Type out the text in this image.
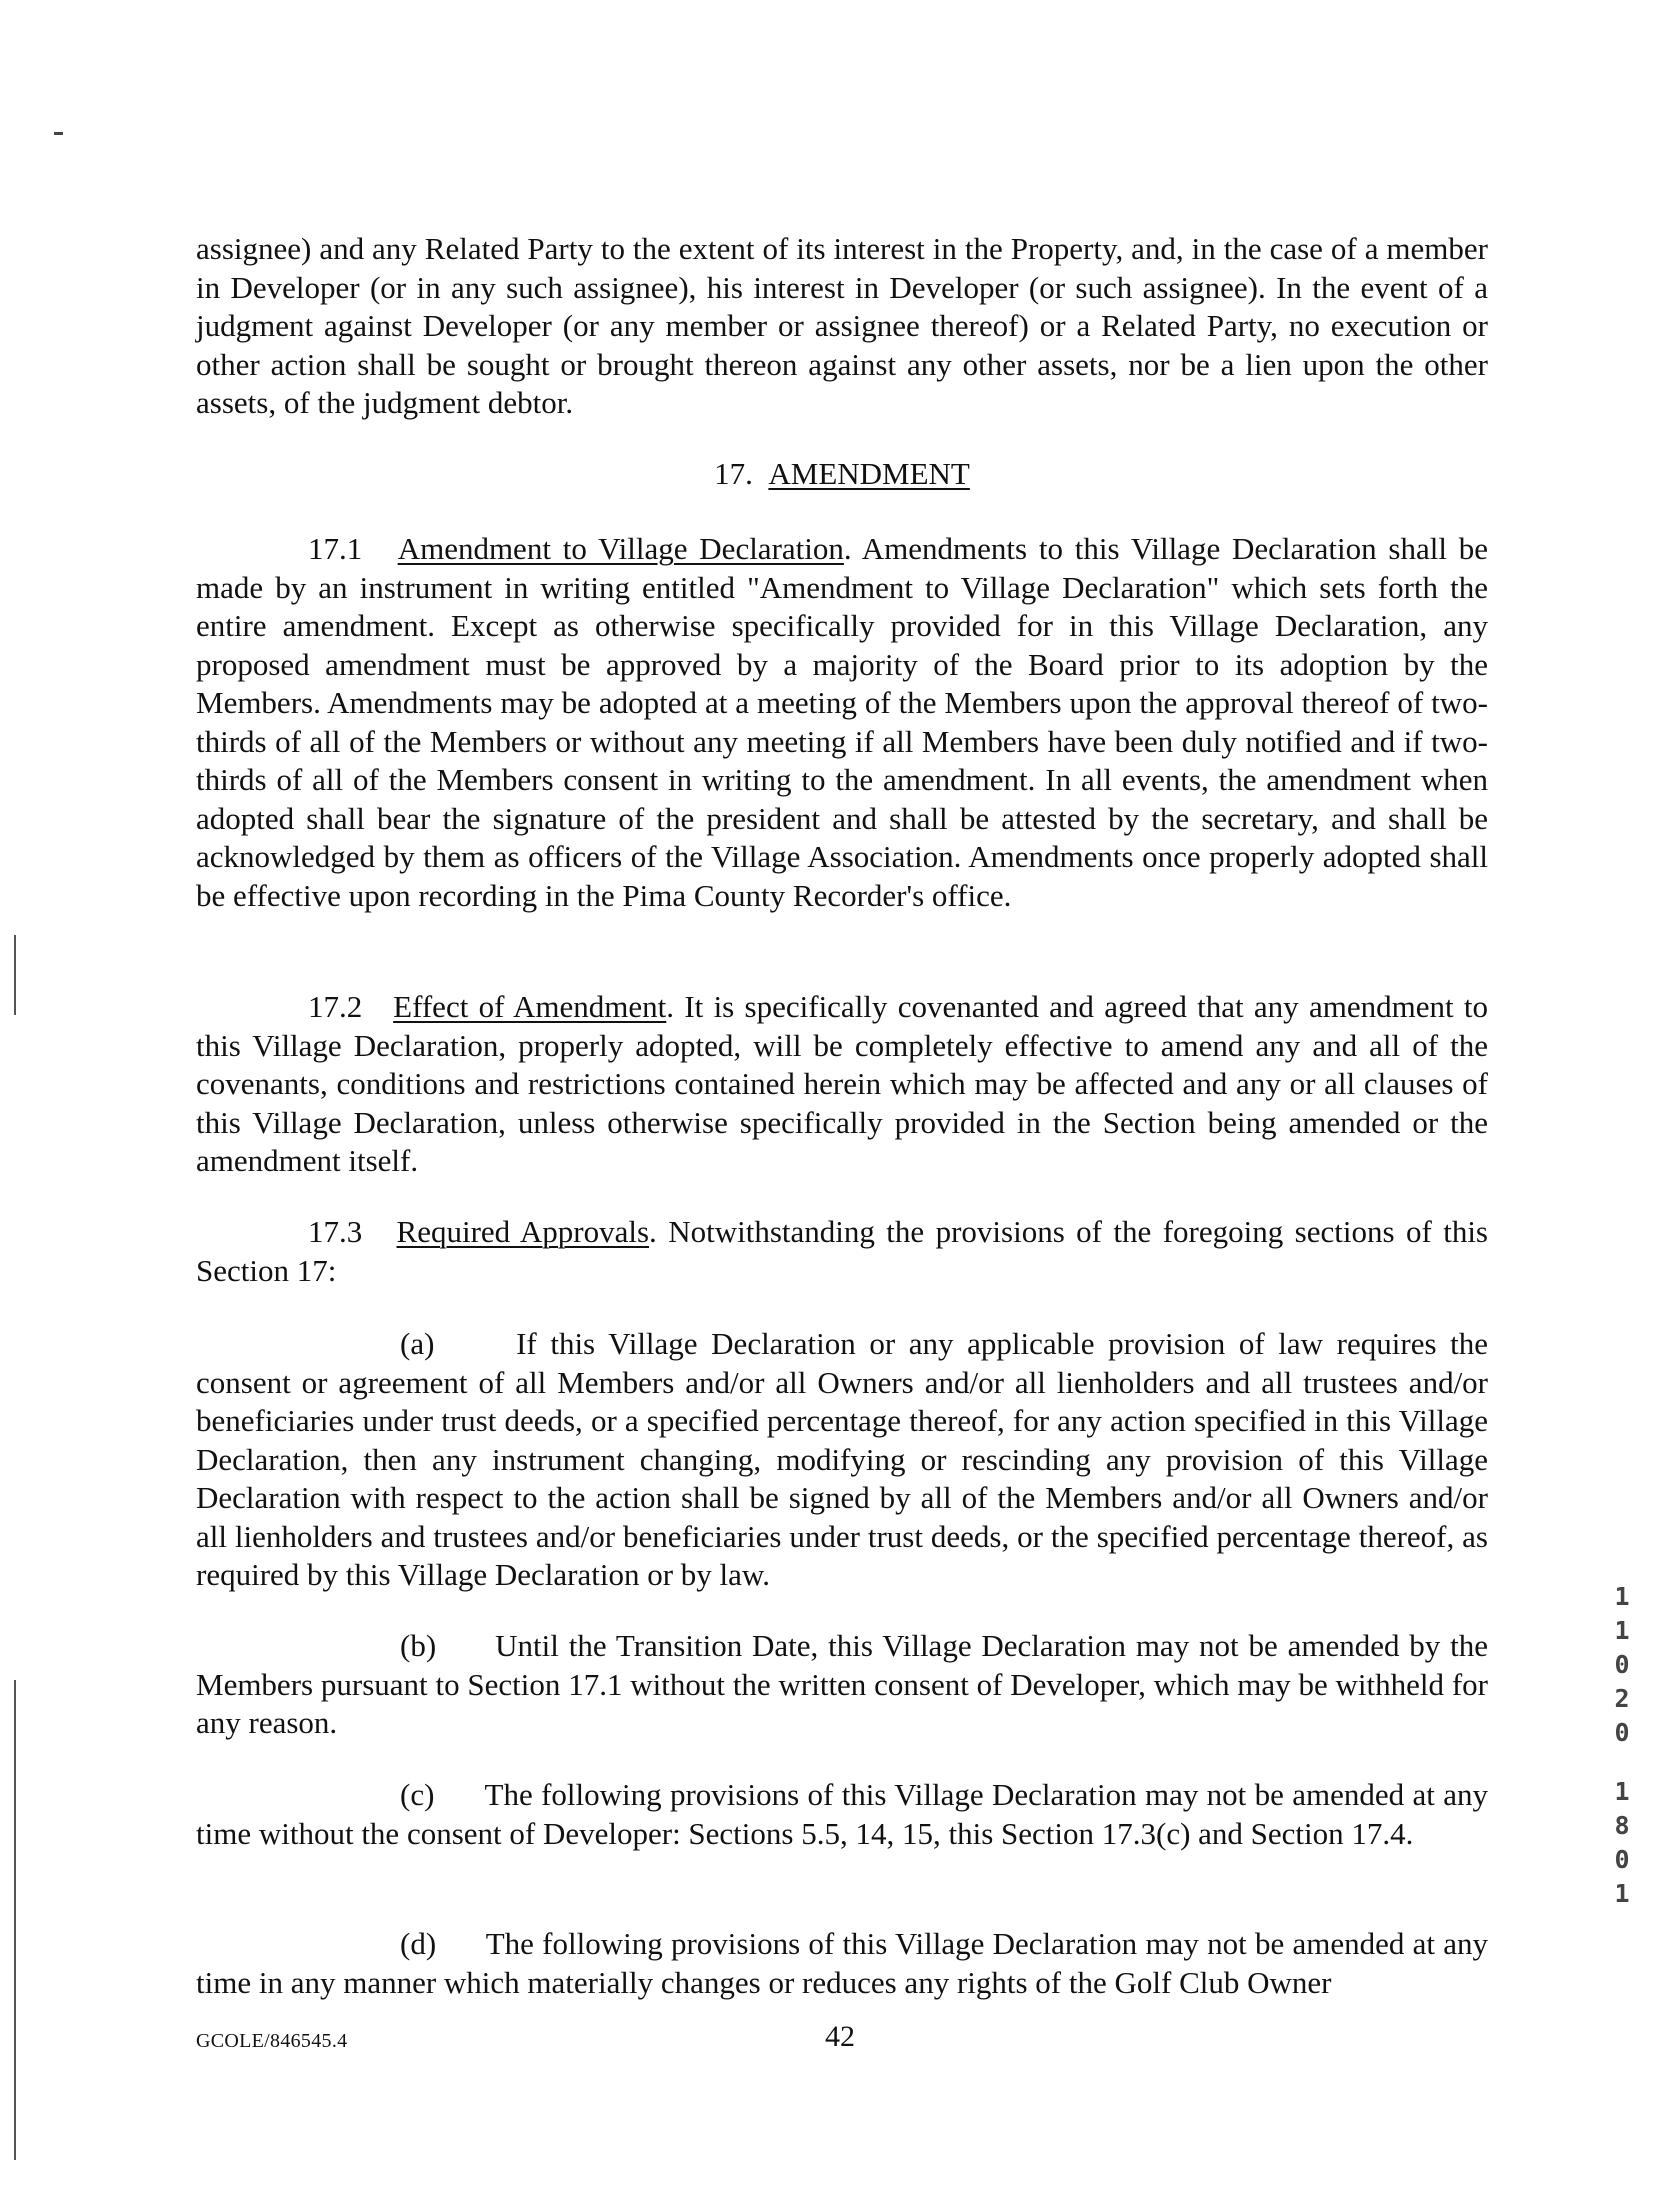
assignee) and any Related Party to the extent of its interest in the Property, and, in the case of a member in Developer (or in any such assignee), his interest in Developer (or such assignee). In the event of a judgment against Developer (or any member or assignee thereof) or a Related Party, no execution or other action shall be sought or brought thereon against any other assets, nor be a lien upon the other assets, of the judgment debtor.

17. AMENDMENT

17.1 Amendment to Village Declaration. Amendments to this Village Declaration shall be made by an instrument in writing entitled "Amendment to Village Declaration" which sets forth the entire amendment. Except as otherwise specifically provided for in this Village Declaration, any proposed amendment must be approved by a majority of the Board prior to its adoption by the Members. Amendments may be adopted at a meeting of the Members upon the approval thereof of two-thirds of all of the Members or without any meeting if all Members have been duly notified and if two-thirds of all of the Members consent in writing to the amendment. In all events, the amendment when adopted shall bear the signature of the president and shall be attested by the secretary, and shall be acknowledged by them as officers of the Village Association. Amendments once properly adopted shall be effective upon recording in the Pima County Recorder's office.

17.2 Effect of Amendment. It is specifically covenanted and agreed that any amendment to this Village Declaration, properly adopted, will be completely effective to amend any and all of the covenants, conditions and restrictions contained herein which may be affected and any or all clauses of this Village Declaration, unless otherwise specifically provided in the Section being amended or the amendment itself.

17.3 Required Approvals. Notwithstanding the provisions of the foregoing sections of this Section 17:

(a)	If this Village Declaration or any applicable provision of law requires the consent or agreement of all Members and/or all Owners and/or all lienholders and all trustees and/or beneficiaries under trust deeds, or a specified percentage thereof, for any action specified in this Village Declaration, then any instrument changing, modifying or rescinding any provision of this Village Declaration with respect to the action shall be signed by all of the Members and/or all Owners and/or all lienholders and trustees and/or beneficiaries under trust deeds, or the specified percentage thereof, as required by this Village Declaration or by law.

(b) Until the Transition Date, this Village Declaration may not be amended by the Members pursuant to Section 17.1 without the written consent of Developer, which may be withheld for any reason.

(c) The following provisions of this Village Declaration may not be amended at any time without the consent of Developer: Sections 5.5, 14, 15, this Section 17.3(c) and Section 17.4.

(d) The following provisions of this Village Declaration may not be amended at any time in any manner which materially changes or reduces any rights of the Golf Club Owner

GCOLE/846545.4	42
1
1
0
2
0
1
8
0
1
